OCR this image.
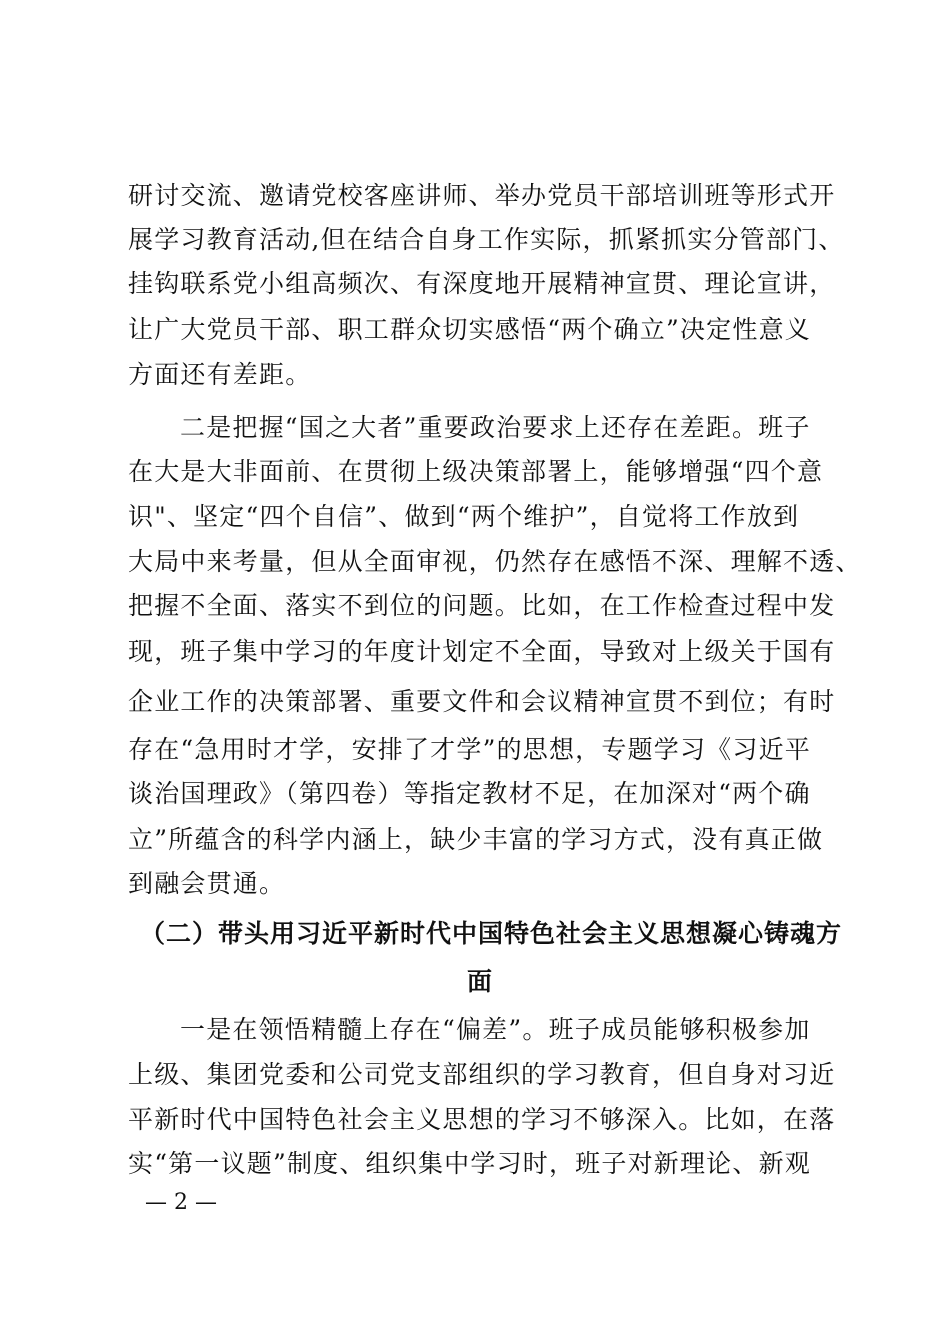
研讨交流、邀请党校客座讲师、举办党员干部培训班等形式开
展学习教育活动,但在结合自身工作实际，抓紧抓实分管部门、
挂钩联系党小组高频次、有深度地开展精神宣贯、理论宣讲，
让广大党员干部、职工群众切实感悟“两个确立”决定性意义
方面还有差距。
二是把握“国之大者”重要政治要求上还存在差距。班子
在大是大非面前、在贯彻上级决策部署上，能够增强“四个意
识"、坚定“四个自信”、做到“两个维护”，自觉将工作放到
大局中来考量，但从全面审视，仍然存在感悟不深、理解不透、
把握不全面、落实不到位的问题。比如，在工作检查过程中发
现，班子集中学习的年度计划定不全面，导致对上级关于国有
企业工作的决策部署、重要文件和会议精神宣贯不到位；有时
存在“急用时才学，安排了才学”的思想，专题学习《习近平
谈治国理政》（第四卷）等指定教材不足，在加深对“两个确
立”所蕴含的科学内涵上，缺少丰富的学习方式，没有真正做
到融会贯通。
（二）带头用习近平新时代中国特色社会主义思想凝心铸魂方
面
一是在领悟精髓上存在“偏差”。班子成员能够积极参加
上级、集团党委和公司党支部组织的学习教育，但自身对习近
平新时代中国特色社会主义思想的学习不够深入。比如，在落
实“第一议题”制度、组织集中学习时，班子对新理论、新观
— 2 —
